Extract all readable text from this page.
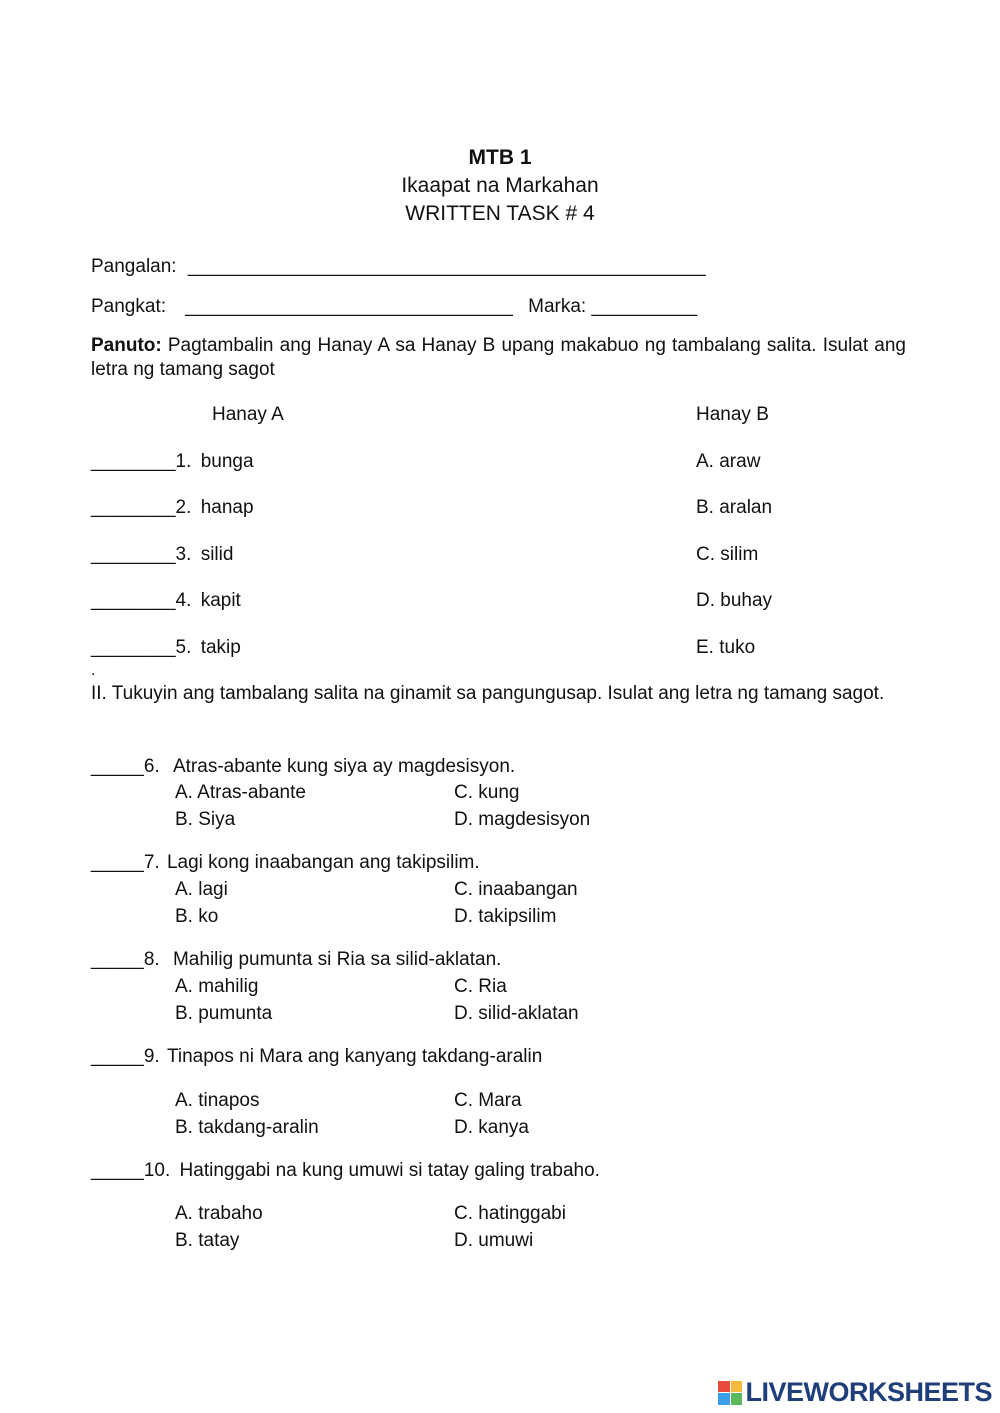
MTB 1
Ikaapat na Markahan
WRITTEN TASK # 4
Pangalan: _________________________________________________
Pangkat: _______________________________ Marka: __________
Panuto: Pagtambalin ang Hanay A sa Hanay B upang makabuo ng tambalang salita. Isulat ang letra ng tamang sagot
Hanay A	Hanay B
________1. bunga	A. araw
________2. hanap	B. aralan
________3. silid	C. silim
________4. kapit	D. buhay
________5. takip	E. tuko
.
II. Tukuyin ang tambalang salita na ginamit sa pangungusap. Isulat ang letra ng tamang sagot.
_____6. Atras-abante kung siya ay magdesisyon.
A. Atras-abante	C. kung
B. Siya	D. magdesisyon
_____7. Lagi kong inaabangan ang takipsilim.
A. lagi	C. inaabangan
B. ko	D. takipsilim
_____8. Mahilig pumunta si Ria sa silid-aklatan.
A. mahilig	C. Ria
B. pumunta	D. silid-aklatan
_____9. Tinapos ni Mara ang kanyang takdang-aralin
A. tinapos	C. Mara
B. takdang-aralin	D. kanya
_____10. Hatinggabi na kung umuwi si tatay galing trabaho.
A. trabaho	C. hatinggabi
B. tatay	D. umuwi
LIVEWORKSHEETS
